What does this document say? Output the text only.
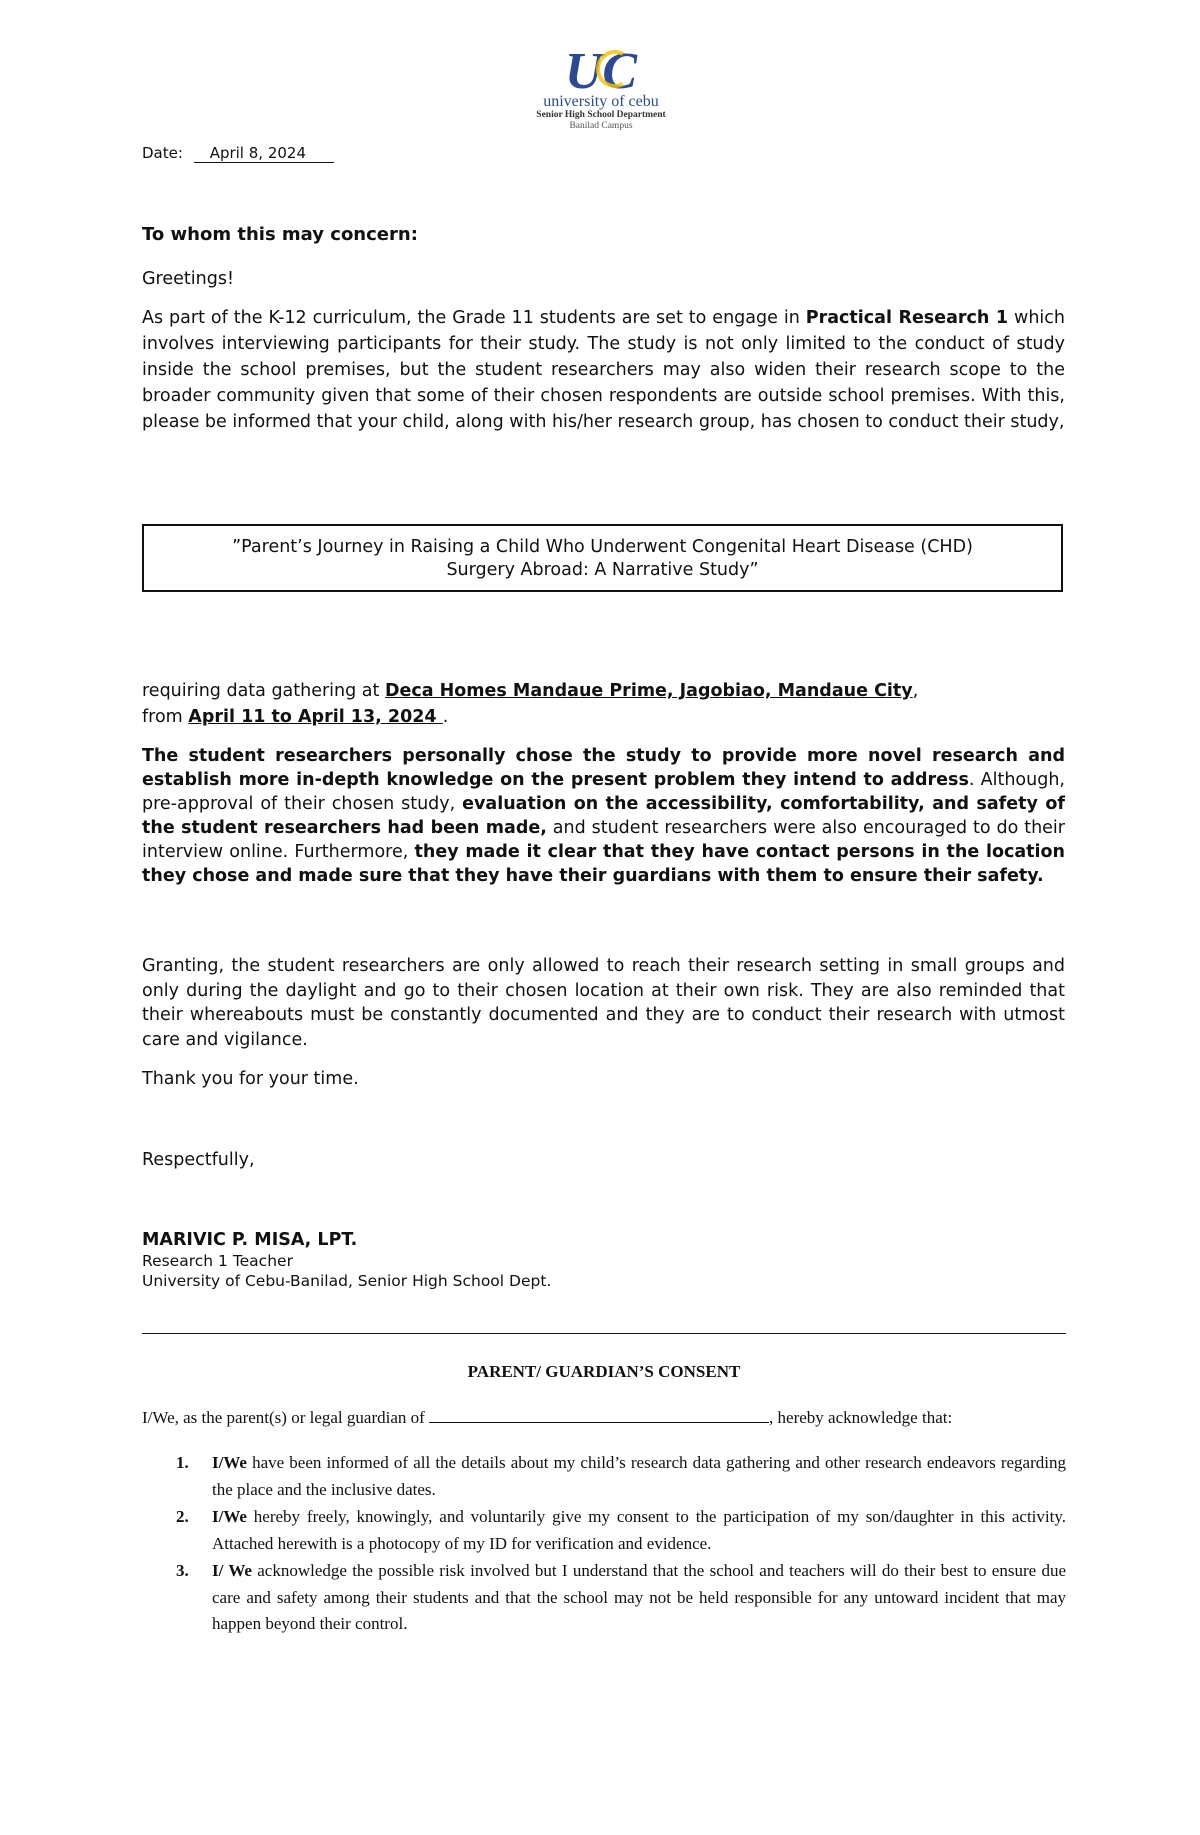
UC
university of cebu
Senior High School Department
Banilad Campus
Date: April 8, 2024
To whom this may concern:
Greetings!

As part of the K-12 curriculum, the Grade 11 students are set to engage in Practical Research 1 which involves interviewing participants for their study. The study is not only limited to the conduct of study inside the school premises, but the student researchers may also widen their research scope to the broader community given that some of their chosen respondents are outside school premises. With this, please be informed that your child, along with his/her research group, has chosen to conduct their study,

”Parent’s Journey in Raising a Child Who Underwent Congenital Heart Disease (CHD)
Surgery Abroad: A Narrative Study”

requiring data gathering at Deca Homes Mandaue Prime, Jagobiao, Mandaue City,
from April 11 to April 13, 2024 .

The student researchers personally chose the study to provide more novel research and establish more in-depth knowledge on the present problem they intend to address. Although, pre-approval of their chosen study, evaluation on the accessibility, comfortability, and safety of the student researchers had been made, and student researchers were also encouraged to do their interview online. Furthermore, they made it clear that they have contact persons in the location they chose and made sure that they have their guardians with them to ensure their safety.

Granting, the student researchers are only allowed to reach their research setting in small groups and only during the daylight and go to their chosen location at their own risk. They are also reminded that their whereabouts must be constantly documented and they are to conduct their research with utmost care and vigilance.
Thank you for your time.
Respectfully,
MARIVIC P. MISA, LPT.
Research 1 Teacher
University of Cebu-Banilad, Senior High School Dept.
PARENT/ GUARDIAN’S CONSENT
I/We, as the parent(s) or legal guardian of	, hereby acknowledge that:
1. I/We have been informed of all the details about my child’s research data gathering and other research endeavors regarding the place and the inclusive dates.
2. I/We hereby freely, knowingly, and voluntarily give my consent to the participation of my son/daughter in this activity. Attached herewith is a photocopy of my ID for verification and evidence.
3. I/ We acknowledge the possible risk involved but I understand that the school and teachers will do their best to ensure due care and safety among their students and that the school may not be held responsible for any untoward incident that may happen beyond their control.
